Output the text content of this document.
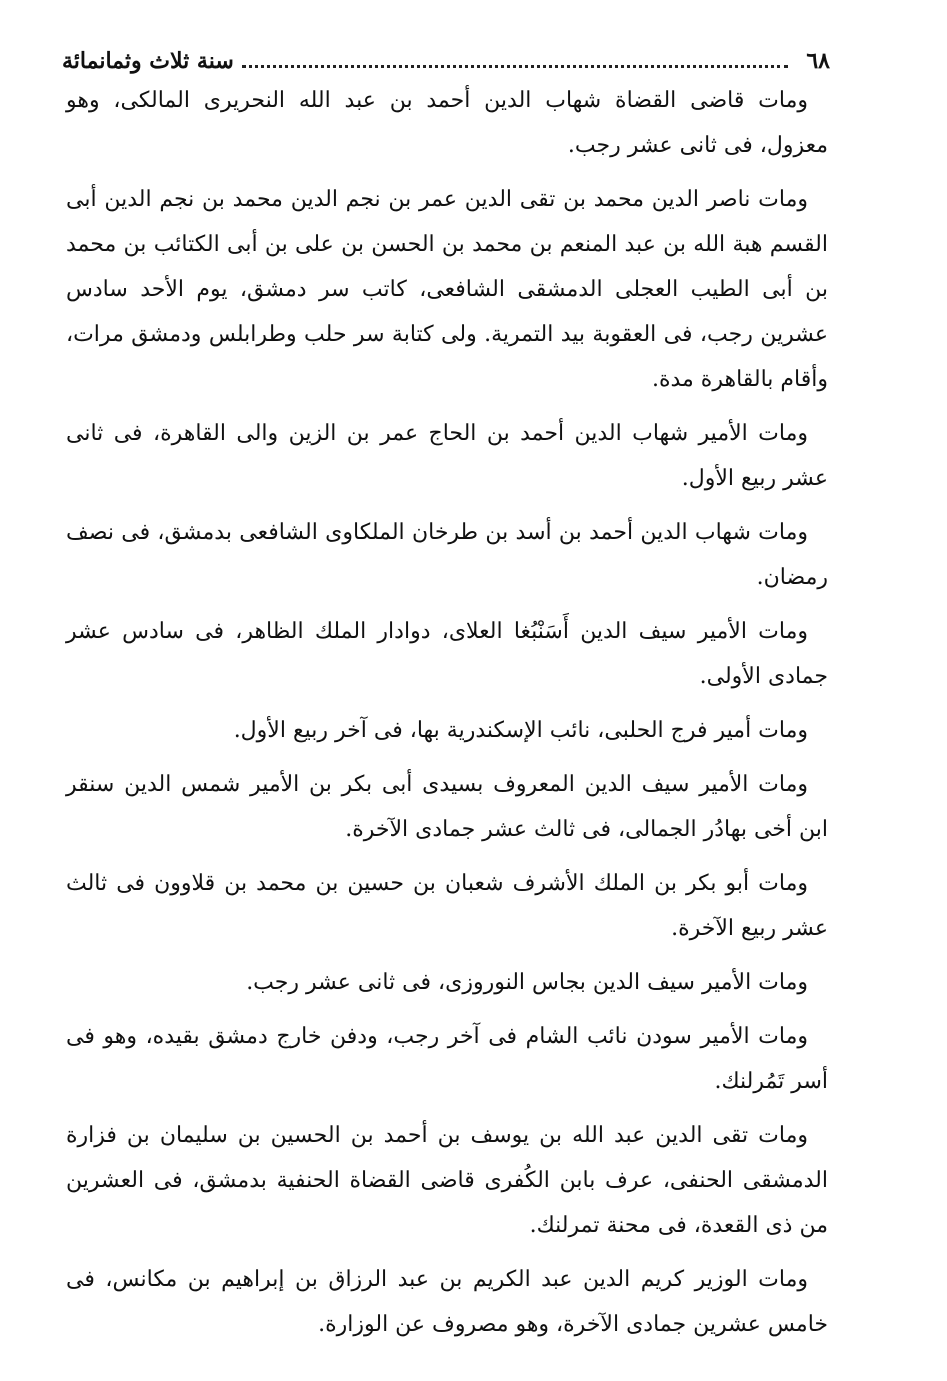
٦٨
سنة ثلاث وثمانمائة

ومات قاضى القضاة شهاب الدين أحمد بن عبد الله النحريرى المالكى، وهو معزول، فى ثانى عشر رجب.

ومات ناصر الدين محمد بن تقى الدين عمر بن نجم الدين محمد بن نجم الدين أبى القسم هبة الله بن عبد المنعم بن محمد بن الحسن بن على بن أبى الكتائب بن محمد بن أبى الطيب العجلى الدمشقى الشافعى، كاتب سر دمشق، يوم الأحد سادس عشرين رجب، فى العقوبة بيد التمرية. ولى كتابة سر حلب وطرابلس ودمشق مرات، وأقام بالقاهرة مدة.

ومات الأمير شهاب الدين أحمد بن الحاج عمر بن الزين والى القاهرة، فى ثانى عشر ربيع الأول.

ومات شهاب الدين أحمد بن أسد بن طرخان الملكاوى الشافعى بدمشق، فى نصف رمضان.

ومات الأمير سيف الدين أَسَنْبُغا العلاى، دوادار الملك الظاهر، فى سادس عشر جمادى الأولى.

ومات أمير فرج الحلبى، نائب الإسكندرية بها، فى آخر ربيع الأول.

ومات الأمير سيف الدين المعروف بسيدى أبى بكر بن الأمير شمس الدين سنقر ابن أخى بهادُر الجمالى، فى ثالث عشر جمادى الآخرة.

ومات أبو بكر بن الملك الأشرف شعبان بن حسين بن محمد بن قلاوون فى ثالث عشر ربيع الآخرة.

ومات الأمير سيف الدين بجاس النوروزى، فى ثانى عشر رجب.

ومات الأمير سودن نائب الشام فى آخر رجب، ودفن خارج دمشق بقيده، وهو فى أسر تَمُرلنك.

ومات تقى الدين عبد الله بن يوسف بن أحمد بن الحسين بن سليمان بن فزارة الدمشقى الحنفى، عرف بابن الكُفرى قاضى القضاة الحنفية بدمشق، فى العشرين من ذى القعدة، فى محنة تمرلنك.

ومات الوزير كريم الدين عبد الكريم بن عبد الرزاق بن إبراهيم بن مكانس، فى خامس عشرين جمادى الآخرة، وهو مصروف عن الوزارة.
